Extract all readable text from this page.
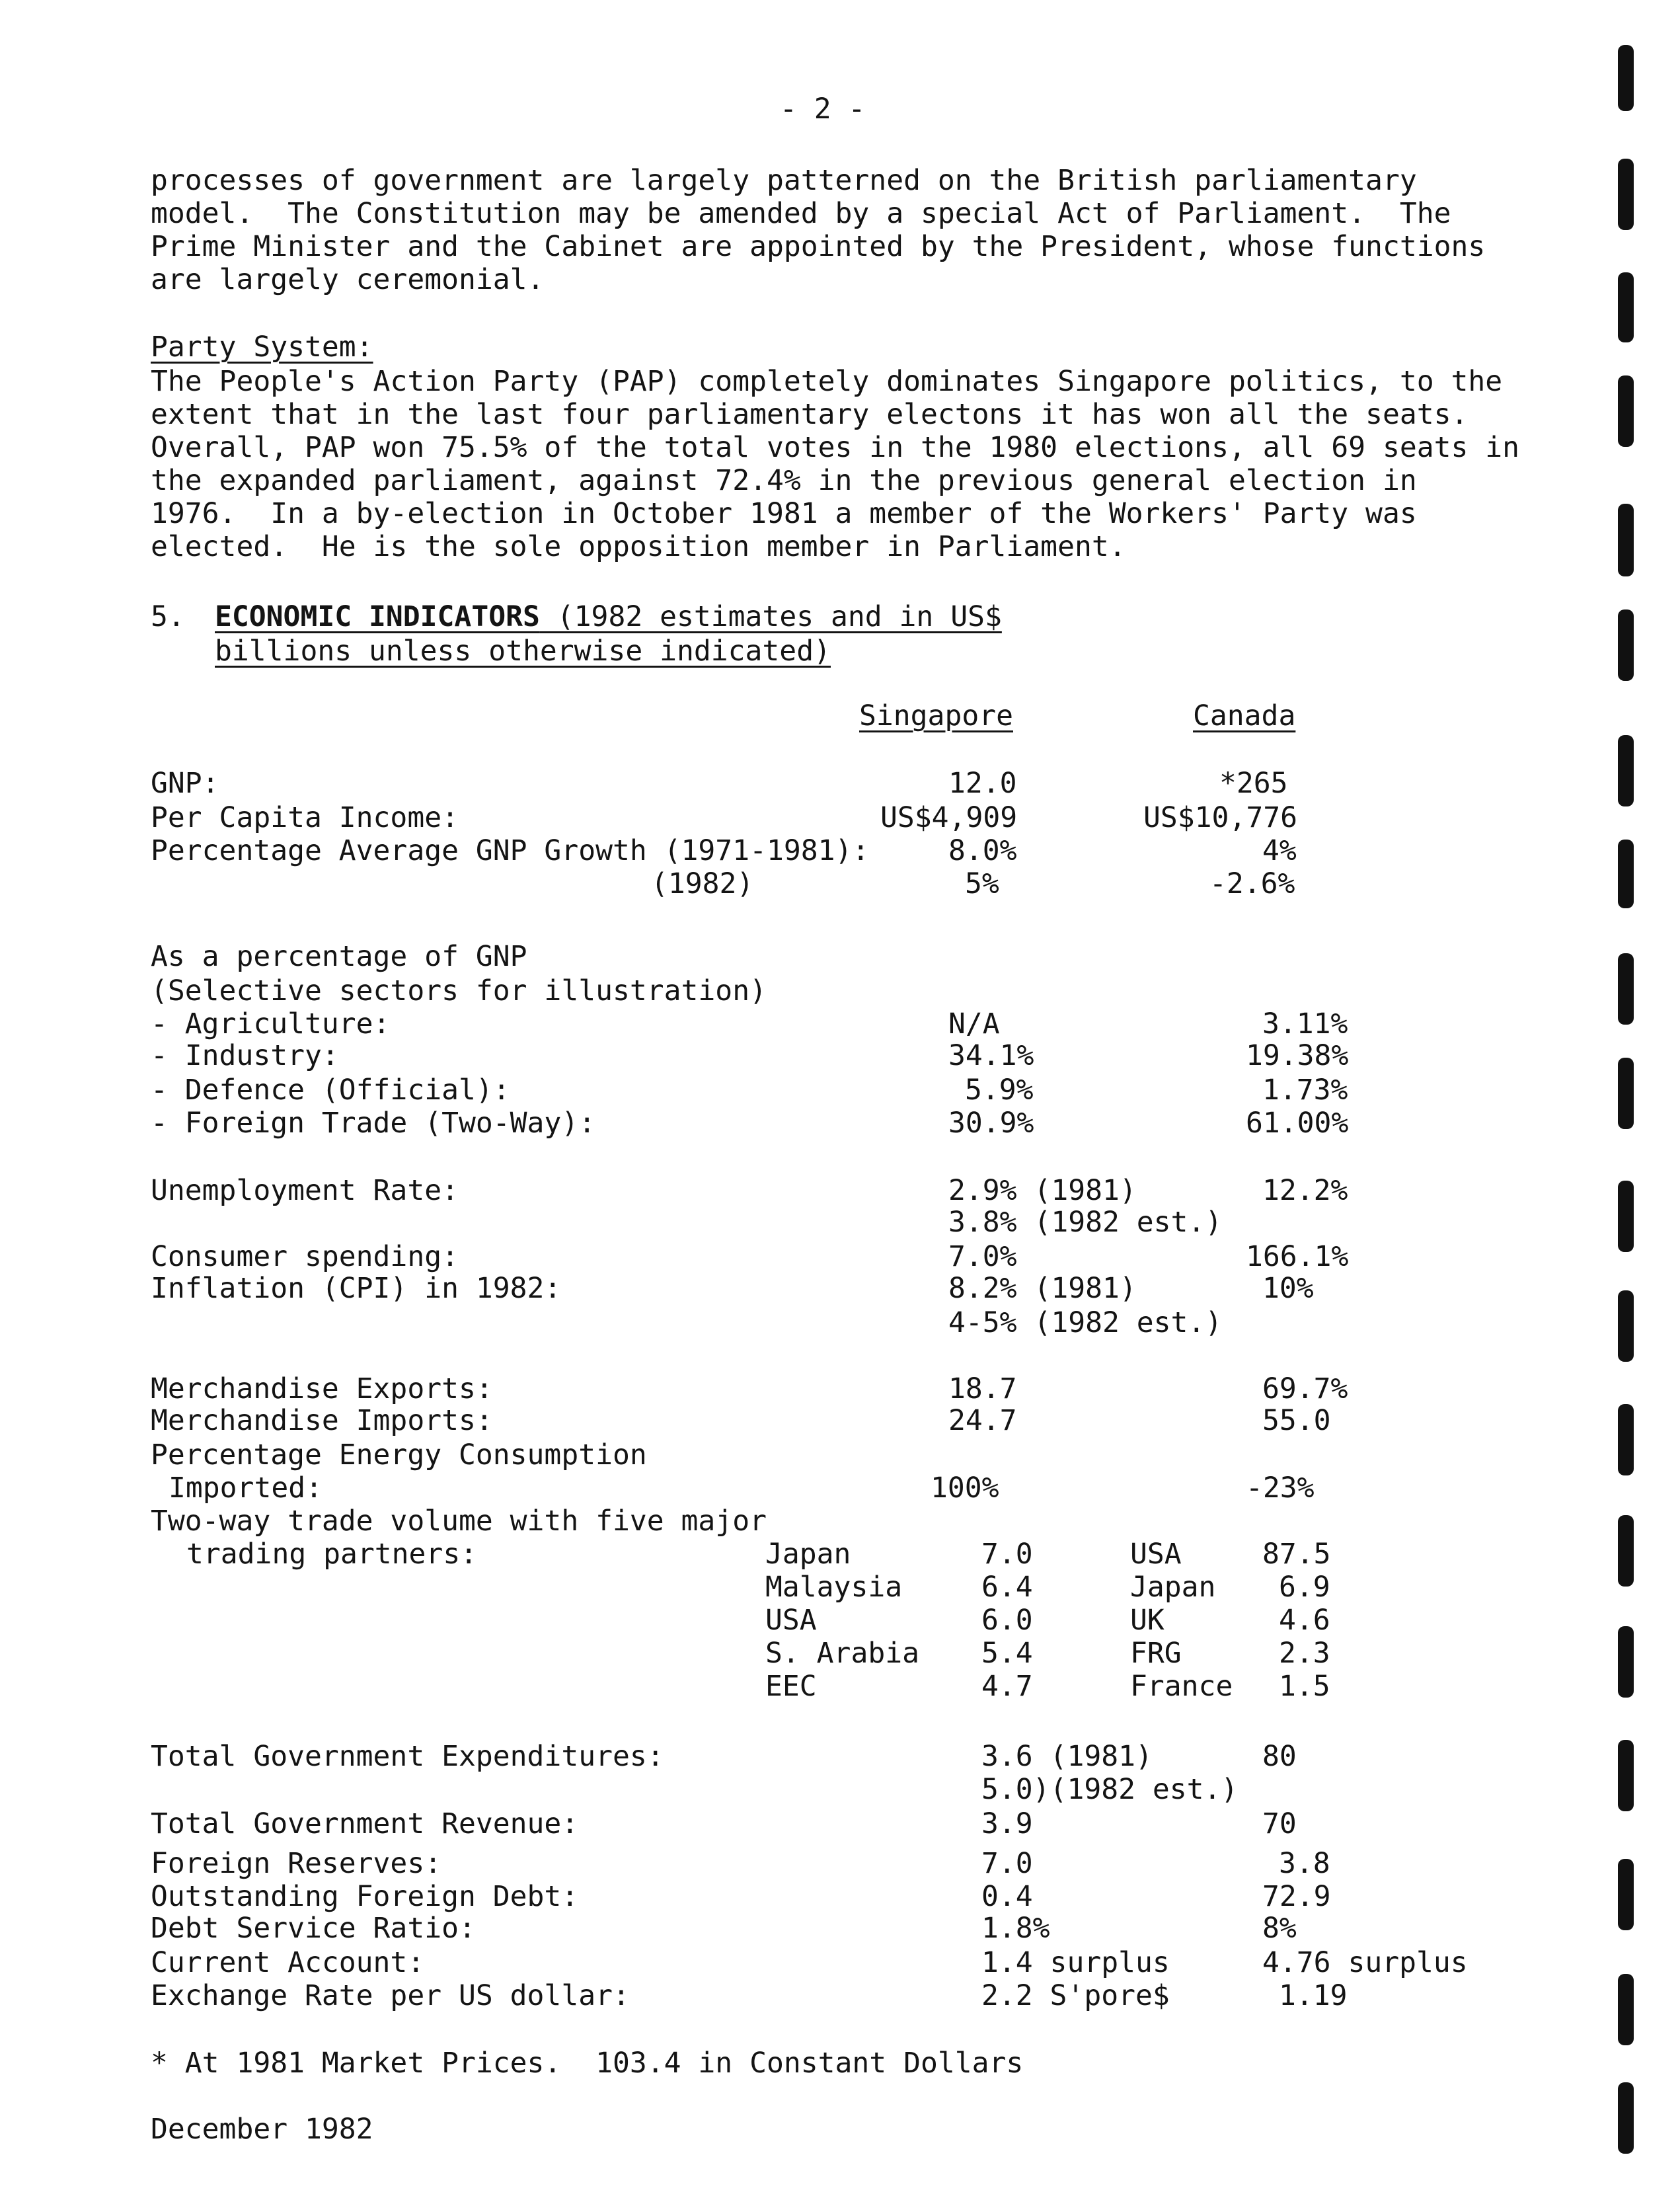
- 2 -
processes of government are largely patterned on the British parliamentary
model.  The Constitution may be amended by a special Act of Parliament.  The
Prime Minister and the Cabinet are appointed by the President, whose functions
are largely ceremonial.
Party System:
The People's Action Party (PAP) completely dominates Singapore politics, to the
extent that in the last four parliamentary electons it has won all the seats.
Overall, PAP won 75.5% of the total votes in the 1980 elections, all 69 seats in
the expanded parliament, against 72.4% in the previous general election in
1976.  In a by-election in October 1981 a member of the Workers' Party was
elected.  He is the sole opposition member in Parliament.
5. ECONOMIC INDICATORS (1982 estimates and in US$
billions unless otherwise indicated)
Singapore	Canada
GNP:	12.0	*265
Per Capita Income:	US$4,909	US$10,776
Percentage Average GNP Growth (1971-1981):	8.0%	4%
(1982)	5%	-2.6%
As a percentage of GNP
(Selective sectors for illustration)
- Agriculture:	N/A	3.11%
- Industry:	34.1%	19.38%
- Defence (Official):	5.9%	1.73%
- Foreign Trade (Two-Way):	30.9%	61.00%
Unemployment Rate:	2.9% (1981)	12.2%
3.8% (1982 est.)
Consumer spending:	7.0%	166.1%
Inflation (CPI) in 1982:	8.2% (1981)	10%
4-5% (1982 est.)
Merchandise Exports:	18.7	69.7%
Merchandise Imports:	24.7	55.0
Percentage Energy Consumption
Imported:	100%	-23%
Two-way trade volume with five major
trading partners:	Japan	7.0	USA	87.5
Malaysia	6.4	Japan 6.9
USA	6.0	UK	4.6
S. Arabia 5.4	FRG	2.3
EEC	4.7	France 1.5
Total Government Expenditures:	3.6 (1981)	80
5.0)(1982 est.)
Total Government Revenue:	3.9	70
Foreign Reserves:	7.0	3.8
Outstanding Foreign Debt:	0.4	72.9
Debt Service Ratio:	1.8%	8%
Current Account:	1.4 surplus	4.76 surplus
Exchange Rate per US dollar:	2.2 S'pore$	1.19
* At 1981 Market Prices.  103.4 in Constant Dollars
December 1982
